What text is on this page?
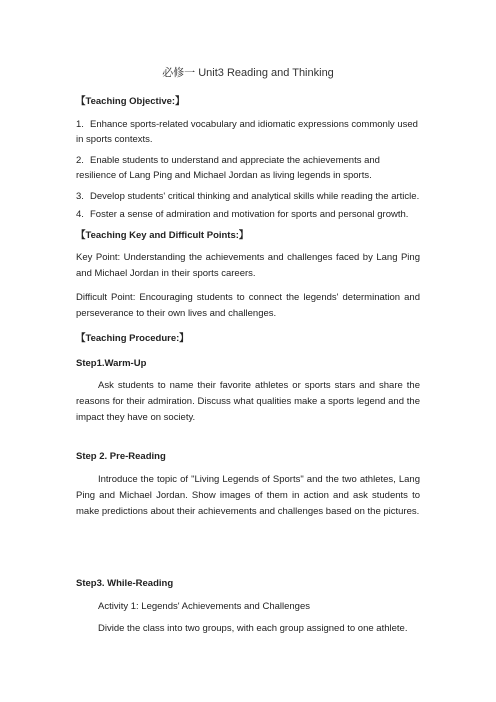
必修一 Unit3 Reading and Thinking
【Teaching Objective:】
1. Enhance sports-related vocabulary and idiomatic expressions commonly used in sports contexts.
2. Enable students to understand and appreciate the achievements and resilience of Lang Ping and Michael Jordan as living legends in sports.
3. Develop students' critical thinking and analytical skills while reading the article.
4. Foster a sense of admiration and motivation for sports and personal growth.
【Teaching Key and Difficult Points:】
Key Point: Understanding the achievements and challenges faced by Lang Ping and Michael Jordan in their sports careers.
Difficult Point: Encouraging students to connect the legends' determination and perseverance to their own lives and challenges.
【Teaching Procedure:】
Step1.Warm-Up
Ask students to name their favorite athletes or sports stars and share the reasons for their admiration. Discuss what qualities make a sports legend and the impact they have on society.
Step 2. Pre-Reading
Introduce the topic of "Living Legends of Sports" and the two athletes, Lang Ping and Michael Jordan. Show images of them in action and ask students to make predictions about their achievements and challenges based on the pictures.
Step3. While-Reading
Activity 1: Legends' Achievements and Challenges
Divide the class into two groups, with each group assigned to one athlete.
